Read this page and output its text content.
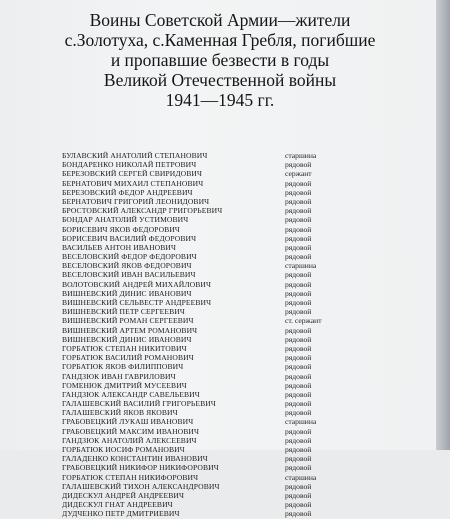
Воины Советской Армии—жители
с.Золотуха, с.Каменная Гребля, погибшие
и пропавшие безвести в годы
Великой Отечественной войны
1941—1945 гг.
БУЛАВСКИЙ АНАТОЛИЙ СТЕПАНОВИЧ	старшина
БОНДАРЕНКО НИКОЛАЙ ПЕТРОВИЧ	рядовой
БЕРЕЗОВСКИЙ СЕРГЕЙ СВИРИДОВИЧ	сержант
БЕРНАТОВИЧ МИХАИЛ СТЕПАНОВИЧ	рядовой
БЕРЕЗОВСКИЙ ФЕДОР АНДРЕЕВИЧ	рядовой
БЕРНАТОВИЧ ГРИГОРИЙ ЛЕОНИДОВИЧ	рядовой
БРОСТОВСКИЙ АЛЕКСАНДР ГРИГОРЬЕВИЧ	рядовой
БОНДАР АНАТОЛИЙ УСТИМОВИЧ	рядовой
БОРИСЕВИЧ ЯКОВ ФЕДОРОВИЧ	рядовой
БОРИСЕВИЧ ВАСИЛИЙ ФЕДОРОВИЧ	рядовой
ВАСИЛЬЕВ АНТОН ИВАНОВИЧ	рядовой
ВЕСЕЛОВСКИЙ ФЕДОР ФЕДОРОВИЧ	рядовой
ВЕСЕЛОВСКИЙ ЯКОВ ФЕДОРОВИЧ	старшина
ВЕСЕЛОВСКИЙ ИВАН ВАСИЛЬЕВИЧ	рядовой
ВОЛОТОВСКИЙ АНДРЕЙ МИХАЙЛОВИЧ	рядовой
ВИШНЕВСКИЙ ДИНИС ИВАНОВИЧ	рядовой
ВИШНЕВСКИЙ СЕЛЬВЕСТР АНДРЕЕВИЧ	рядовой
ВИШНЕВСКИЙ ПЕТР СЕРГЕЕВИЧ	рядовой
ВИШНЕВСКИЙ РОМАН СЕРГЕЕВИЧ	ст. сержант
ВИШНЕВСКИЙ АРТЕМ РОМАНОВИЧ	рядовой
ВИШНЕВСКИЙ ДИНИС ИВАНОВИЧ	рядовой
ГОРБАТЮК СТЕПАН НИКИТОВИЧ	рядовой
ГОРБАТЮК ВАСИЛИЙ РОМАНОВИЧ	рядовой
ГОРБАТЮК ЯКОВ ФИЛИППОВИЧ	рядовой
ГАНДЗЮК ИВАН ГАВРИЛОВИЧ	рядовой
ГОМЕНЮК ДМИТРИЙ МУСЕЕВИЧ	рядовой
ГАНДЗЮК АЛЕКСАНДР САВЕЛЬЕВИЧ	рядовой
ГАЛАШЕВСКИЙ ВАСИЛИЙ ГРИГОРЬЕВИЧ	рядовой
ГАЛАШЕВСКИЙ ЯКОВ ЯКОВИЧ	рядовой
ГРАБОВЕЦКИЙ ЛУКАШ ИВАНОВИЧ	старшина
ГРАБОВЕЦКИЙ МАКСИМ ИВАНОВИЧ	рядовой
ГАНДЗЮК АНАТОЛИЙ АЛЕКСЕЕВИЧ	рядовой
ГОРБАТЮК ИОСИФ РОМАНОВИЧ	рядовой
ГАЛАДЕНКО КОНСТАНТИН ИВАНОВИЧ	рядовой
ГРАБОВЕЦКИЙ НИКИФОР НИКИФОРОВИЧ	рядовой
ГОРБАТЮК СТЕПАН НИКИФОРОВИЧ	старшина
ГАЛАШЕВСКИЙ ТИХОН АЛЕКСАНДРОВИЧ	рядовой
ДИДЕСКУЛ АНДРЕЙ АНДРЕЕВИЧ	рядовой
ДИДЕСКУЛ ГНАТ АНДРЕЕВИЧ	рядовой
ДУДЧЕНКО ПЕТР ДМИТРИЕВИЧ	рядовой
